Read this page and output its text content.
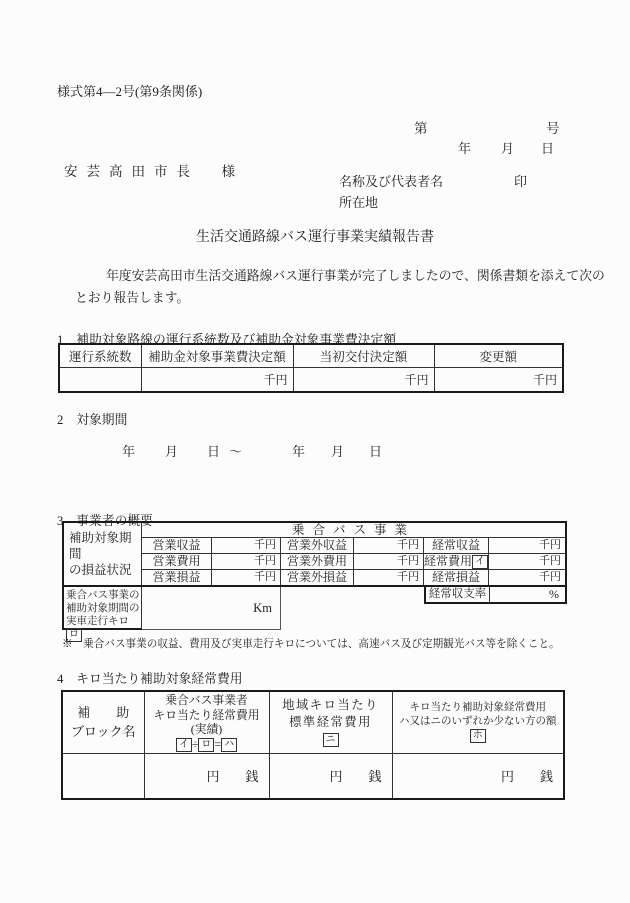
様式第4—2号(第9条関係)
第	号
年 月 日
安芸高田市長　様
名称及び代表者名	印
所在地
生活交通路線バス運行事業実績報告書
年度安芸高田市生活交通路線バス運行事業が完了しましたので、関係書類を添えて次の
とおり報告します。
1　補助対象路線の運行系統数及び補助金対象事業費決定額
運行系統数	補助金対象事業費決定額	当初交付決定額	変更額
	千円	千円	千円
2　対象期間
年 月 日 ～	年 月 日
3　事業者の概要
補助対象期間
の損益状況
乗合バス事業
営業収益	千円 営業外収益	千円	経常収益	千円
営業費用	千円 営業外費用	千円 経常費用 イ	千円
営業損益	千円 営業外損益	千円	経常損益	千円
乗合バス事業の
補助対象期間の
実車走行キロロ
Km
経常収支率	%
※　乗合バス事業の収益、費用及び実車走行キロについては、高速バス及び定期観光バス等を除くこと。
4　キロ当たり補助対象経常費用
補　　助
ブロック名

乗合バス事業者
キロ当たり経常費用
(実績)
イ ÷ ロ = ハ

地域キロ当たり
標準経常費用
ニ

キロ当たり補助対象経常費用
ハ又はニのいずれか少ない方の額
ホ

	円　　銭	円　　銭	円　　銭
